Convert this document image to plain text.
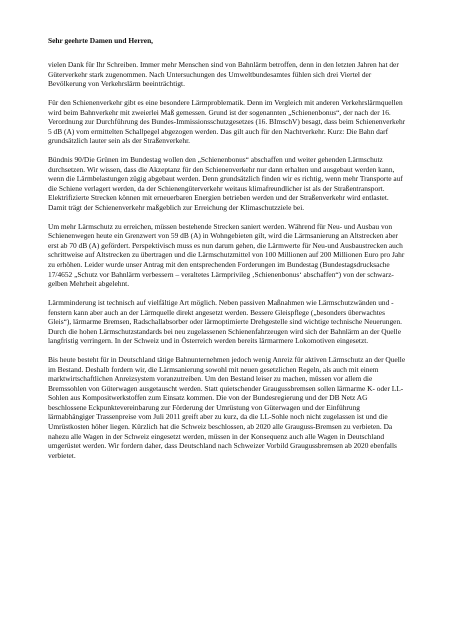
Sehr geehrte Damen und Herren,

vielen Dank für Ihr Schreiben. Immer mehr Menschen sind von Bahnlärm betroffen, denn in den letzten Jahren hat der Güterverkehr stark zugenommen. Nach Untersuchungen des Umweltbundesamtes fühlen sich drei Viertel der Bevölkerung von Verkehrslärm beeinträchtigt.

Für den Schienenverkehr gibt es eine besondere Lärmproblematik. Denn im Vergleich mit anderen Verkehrslärmquellen wird beim Bahnverkehr mit zweierlei Maß gemessen. Grund ist der sogenannten „Schienenbonus“, der nach der 16. Verordnung zur Durchführung des Bundes-Immissionsschutzgesetzes (16. BImschV) besagt, dass beim Schienenverkehr 5 dB (A) vom ermittelten Schallpegel abgezogen werden. Das gilt auch für den Nachtverkehr. Kurz: Die Bahn darf grundsätzlich lauter sein als der Straßenverkehr.

Bündnis 90/Die Grünen im Bundestag wollen den „Schienenbonus“ abschaffen und weiter gehenden Lärmschutz durchsetzen. Wir wissen, dass die Akzeptanz für den Schienenverkehr nur dann erhalten und ausgebaut werden kann, wenn die Lärmbelastungen zügig abgebaut werden. Denn grundsätzlich finden wir es richtig, wenn mehr Transporte auf die Schiene verlagert werden, da der Schienengüterverkehr weitaus klimafreundlicher ist als der Straßentransport. Elektrifizierte Strecken können mit erneuerbaren Energien betrieben werden und der Straßenverkehr wird entlastet. Damit trägt der Schienenverkehr maßgeblich zur Erreichung der Klimaschutzziele bei.

Um mehr Lärmschutz zu erreichen, müssen bestehende Strecken saniert werden. Während für Neu- und Ausbau von Schienenwegen heute ein Grenzwert von 59 dB (A) in Wohngebieten gilt, wird die Lärmsanierung an Altstrecken aber erst ab 70 dB (A) gefördert. Perspektivisch muss es nun darum gehen, die Lärmwerte für Neu-und Ausbaustrecken auch schrittweise auf Altstrecken zu übertragen und die Lärmschutzmittel von 100 Millionen auf 200 Millionen Euro pro Jahr zu erhöhen. Leider wurde unser Antrag mit den entsprechenden Forderungen im Bundestag (Bundestagsdrucksache 17/4652 „Schutz vor Bahnlärm verbessern – veraltetes Lärmprivileg ‚Schienenbonus‘ abschaffen“) von der schwarz-gelben Mehrheit abgelehnt.

Lärmminderung ist technisch auf vielfältige Art möglich. Neben passiven Maßnahmen wie Lärmschutzwänden und -fenstern kann aber auch an der Lärmquelle direkt angesetzt werden. Bessere Gleispflege („besonders überwachtes Gleis“), lärmarme Bremsen, Radschallabsorber oder lärmoptimierte Drehgestelle sind wichtige technische Neuerungen. Durch die hohen Lärmschutzstandards bei neu zugelassenen Schienenfahrzeugen wird sich der Bahnlärm an der Quelle langfristig verringern. In der Schweiz und in Österreich werden bereits lärmarmere Lokomotiven eingesetzt.

Bis heute besteht für in Deutschland tätige Bahnunternehmen jedoch wenig Anreiz für aktiven Lärmschutz an der Quelle im Bestand. Deshalb fordern wir, die Lärmsanierung sowohl mit neuen gesetzlichen Regeln, als auch mit einem marktwirtschaftlichen Anreizsystem voranzutreiben. Um den Bestand leiser zu machen, müssen vor allem die Bremssohlen von Güterwagen ausgetauscht werden. Statt quietschender Graugussbremsen sollen lärmarme K- oder LL-Sohlen aus Kompositwerkstoffen zum Einsatz kommen. Die von der Bundesregierung und der DB Netz AG beschlossene Eckpunktevereinbarung zur Förderung der Umrüstung von Güterwagen und der Einführung lärmabhängiger Trassenpreise vom Juli 2011 greift aber zu kurz, da die LL-Sohle noch nicht zugelassen ist und die Umrüstkosten höher liegen. Kürzlich hat die Schweiz beschlossen, ab 2020 alle Grauguss-Bremsen zu verbieten. Da nahezu alle Wagen in der Schweiz eingesetzt werden, müssen in der Konsequenz auch alle Wagen in Deutschland umgerüstet werden. Wir fordern daher, dass Deutschland nach Schweizer Vorbild Graugussbremsen ab 2020 ebenfalls verbietet.
